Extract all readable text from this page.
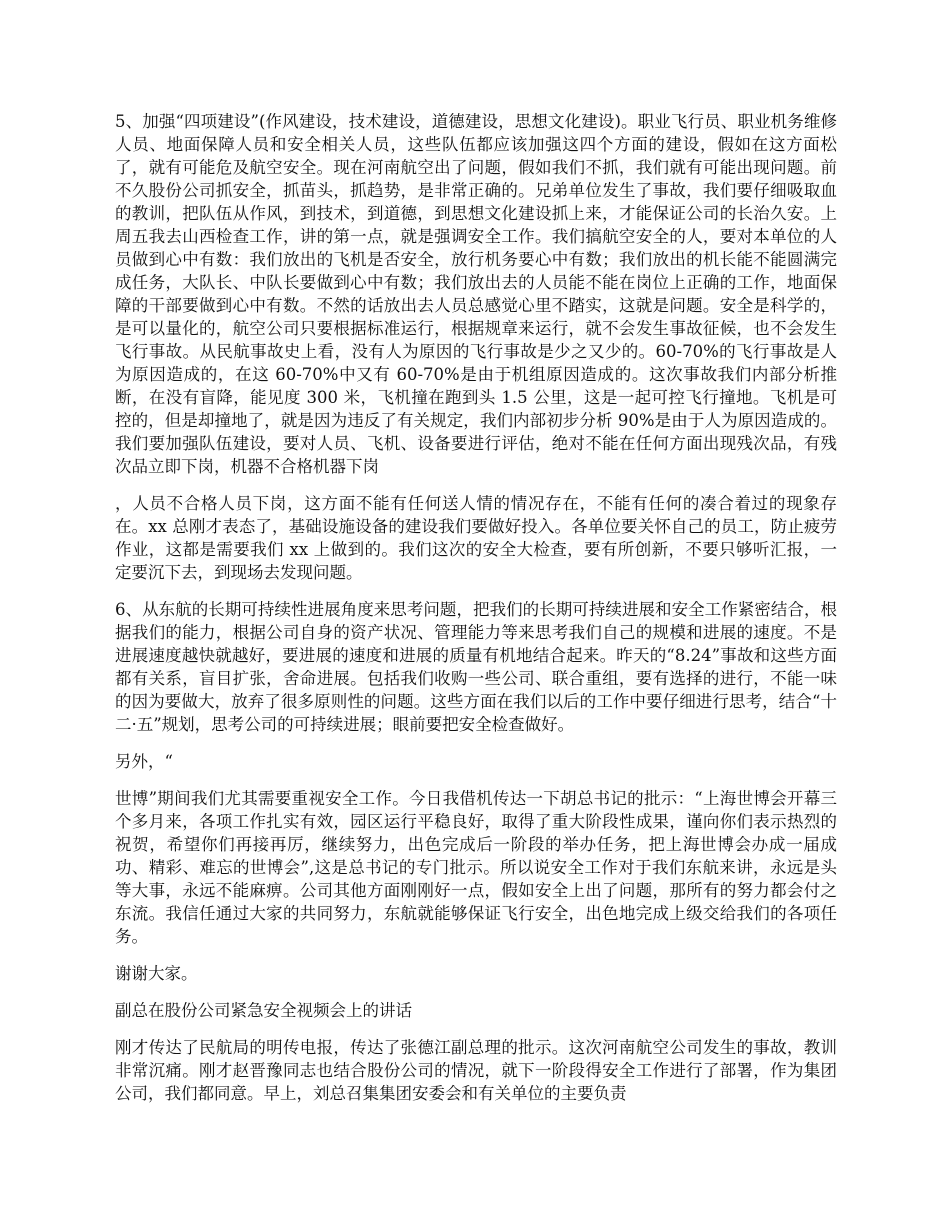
5、加强“四项建设”(作风建设，技术建设，道德建设，思想文化建设)。职业飞行员、职业机务维修人员、地面保障人员和安全相关人员，这些队伍都应该加强这四个方面的建设，假如在这方面松了，就有可能危及航空安全。现在河南航空出了问题，假如我们不抓，我们就有可能出现问题。前不久股份公司抓安全，抓苗头，抓趋势，是非常正确的。兄弟单位发生了事故，我们要仔细吸取血的教训，把队伍从作风，到技术，到道德，到思想文化建设抓上来，才能保证公司的长治久安。上周五我去山西检查工作，讲的第一点，就是强调安全工作。我们搞航空安全的人，要对本单位的人员做到心中有数：我们放出的飞机是否安全，放行机务要心中有数；我们放出的机长能不能圆满完成任务，大队长、中队长要做到心中有数；我们放出去的人员能不能在岗位上正确的工作，地面保障的干部要做到心中有数。不然的话放出去人员总感觉心里不踏实，这就是问题。安全是科学的，是可以量化的，航空公司只要根据标准运行，根据规章来运行，就不会发生事故征候，也不会发生飞行事故。从民航事故史上看，没有人为原因的飞行事故是少之又少的。60-70%的飞行事故是人为原因造成的，在这 60-70%中又有 60-70%是由于机组原因造成的。这次事故我们内部分析推断，在没有盲降，能见度 300 米，飞机撞在跑到头 1.5 公里，这是一起可控飞行撞地。飞机是可控的，但是却撞地了，就是因为违反了有关规定，我们内部初步分析 90%是由于人为原因造成的。我们要加强队伍建设，要对人员、飞机、设备要进行评估，绝对不能在任何方面出现残次品，有残次品立即下岗，机器不合格机器下岗

，人员不合格人员下岗，这方面不能有任何送人情的情况存在，不能有任何的凑合着过的现象存在。xx 总刚才表态了，基础设施设备的建设我们要做好投入。各单位要关怀自己的员工，防止疲劳作业，这都是需要我们 xx 上做到的。我们这次的安全大检查，要有所创新，不要只够听汇报，一定要沉下去，到现场去发现问题。

6、从东航的长期可持续性进展角度来思考问题，把我们的长期可持续进展和安全工作紧密结合，根据我们的能力，根据公司自身的资产状况、管理能力等来思考我们自己的规模和进展的速度。不是进展速度越快就越好，要进展的速度和进展的质量有机地结合起来。昨天的“8.24”事故和这些方面都有关系，盲目扩张，舍命进展。包括我们收购一些公司、联合重组，要有选择的进行，不能一味的因为要做大，放弃了很多原则性的问题。这些方面在我们以后的工作中要仔细进行思考，结合“十二·五”规划，思考公司的可持续进展；眼前要把安全检查做好。

另外，“

世博”期间我们尤其需要重视安全工作。今日我借机传达一下胡总书记的批示：“上海世博会开幕三个多月来，各项工作扎实有效，园区运行平稳良好，取得了重大阶段性成果，谨向你们表示热烈的祝贺，希望你们再接再厉，继续努力，出色完成后一阶段的举办任务，把上海世博会办成一届成功、精彩、难忘的世博会”,这是总书记的专门批示。所以说安全工作对于我们东航来讲，永远是头等大事，永远不能麻痹。公司其他方面刚刚好一点，假如安全上出了问题，那所有的努力都会付之东流。我信任通过大家的共同努力，东航就能够保证飞行安全，出色地完成上级交给我们的各项任务。

谢谢大家。

副总在股份公司紧急安全视频会上的讲话

刚才传达了民航局的明传电报，传达了张德江副总理的批示。这次河南航空公司发生的事故，教训非常沉痛。刚才赵晋豫同志也结合股份公司的情况，就下一阶段得安全工作进行了部署，作为集团公司，我们都同意。早上，刘总召集集团安委会和有关单位的主要负责
